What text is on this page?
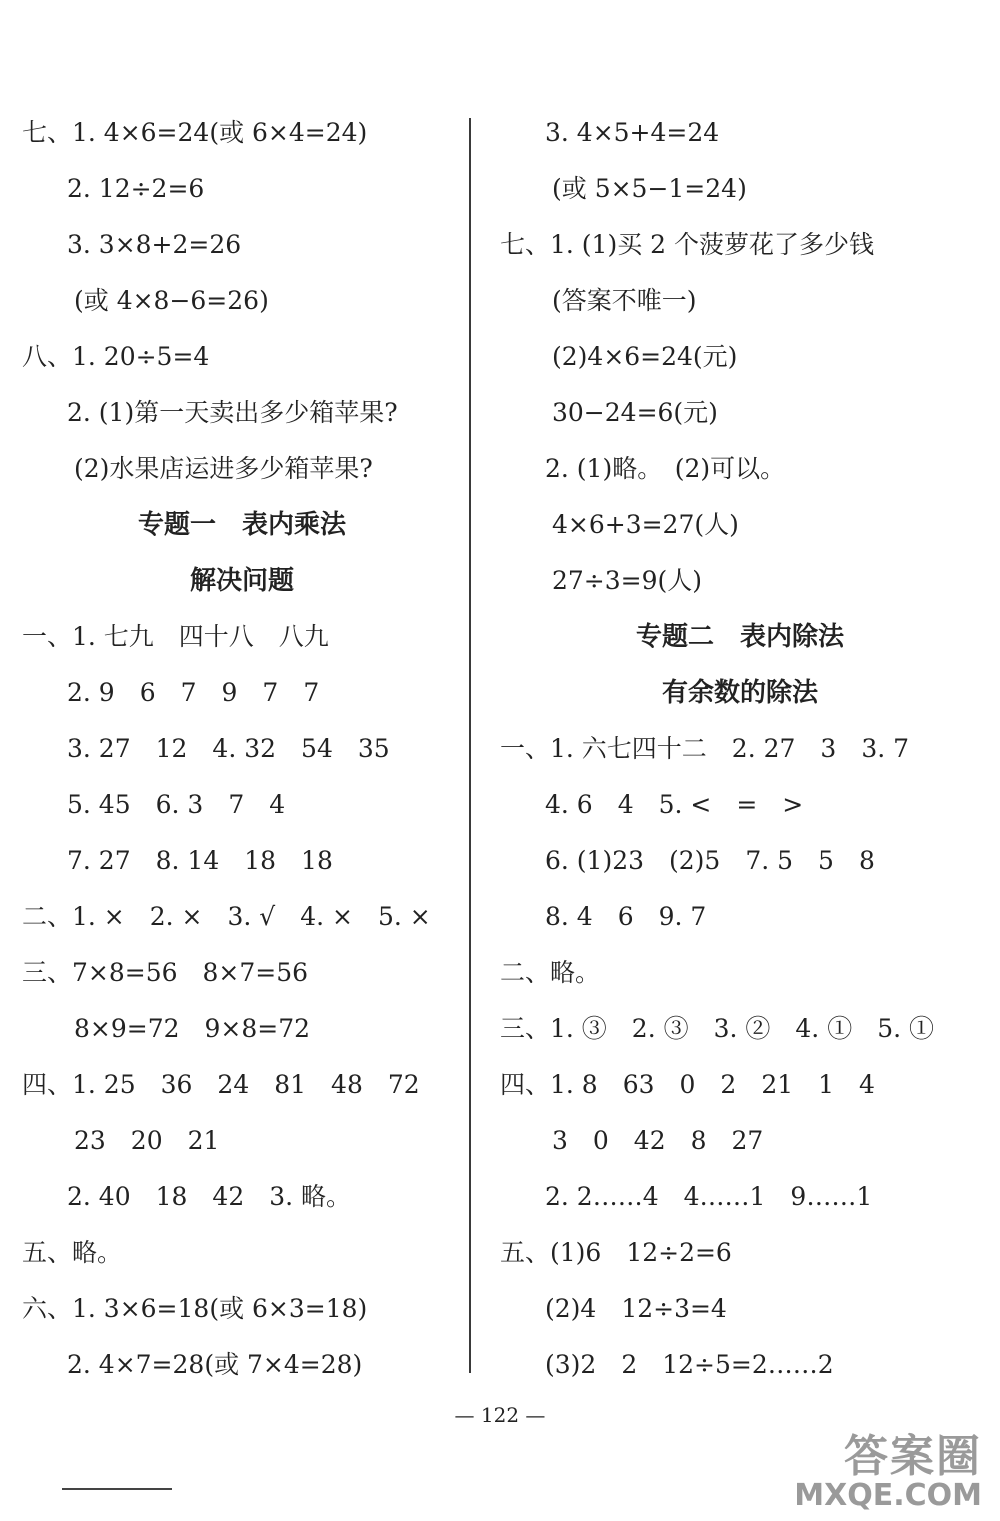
七、1. 4×6=24(或 6×4=24)
2. 12÷2=6
3. 3×8+2=26
(或 4×8−6=26)
八、1. 20÷5=4
2. (1)第一天卖出多少箱苹果?
(2)水果店运进多少箱苹果?
专题一　表内乘法
解决问题
一、1. 七九　四十八　八九
2. 9　6　7　9　7　7
3. 27　12　4. 32　54　35
5. 45　6. 3　7　4
7. 27　8. 14　18　18
二、1. ×　2. ×　3. √　4. ×　5. ×
三、7×8=56　8×7=56
8×9=72　9×8=72
四、1. 25　36　24　81　48　72
23　20　21
2. 40　18　42　3. 略。
五、略。
六、1. 3×6=18(或 6×3=18)
2. 4×7=28(或 7×4=28)
3. 4×5+4=24
(或 5×5−1=24)
七、1. (1)买 2 个菠萝花了多少钱
(答案不唯一)
(2)4×6=24(元)
30−24=6(元)
2. (1)略。　(2)可以。
4×6+3=27(人)
27÷3=9(人)
专题二　表内除法
有余数的除法
一、1. 六七四十二　2. 27　3　3. 7
4. 6　4　5. <　=　>
6. (1)23　(2)5　7. 5　5　8
8. 4　6　9. 7
二、略。
三、1. ③　2. ③　3. ②　4. ①　5. ①
四、1. 8　63　0　2　21　1　4
3　0　42　8　27
2. 2……4　4……1　9……1
五、(1)6　12÷2=6
(2)4　12÷3=4
(3)2　2　12÷5=2……2
— 122 —
答案圈
MXQE.COM
